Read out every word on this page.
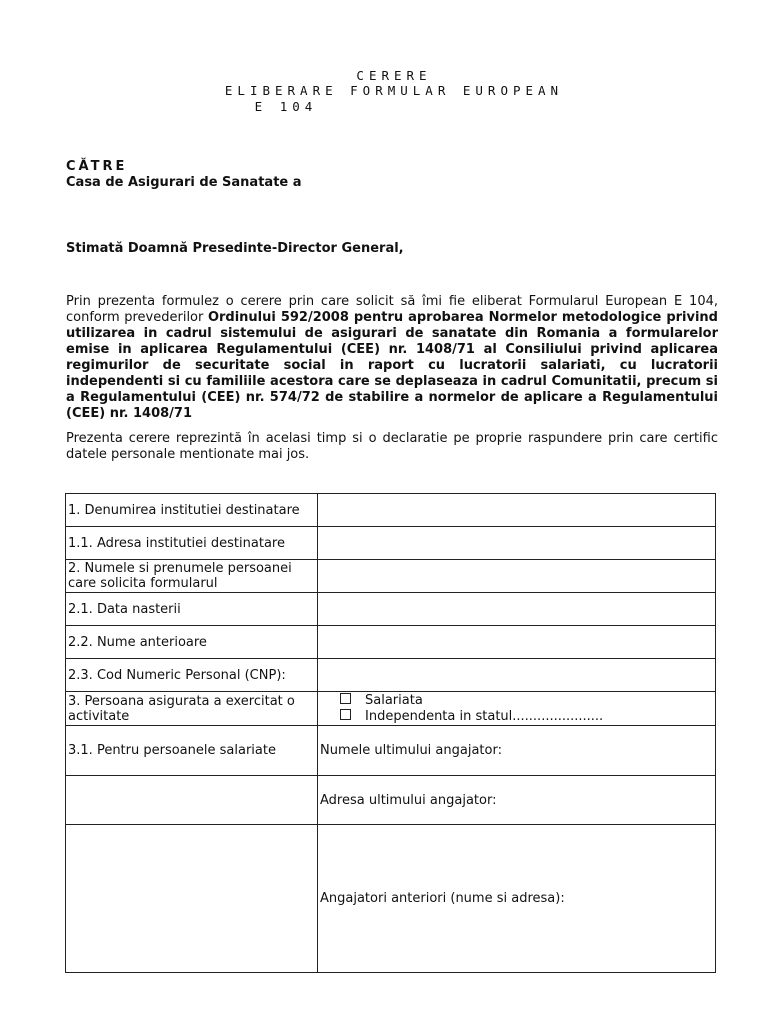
CERERE
ELIBERARE FORMULAR EUROPEAN
E 104
CĂTRE
Casa de Asigurari de Sanatate a
Stimată Doamnă Presedinte-Director General,
Prin prezenta formulez o cerere prin care solicit să îmi fie eliberat Formularul European E 104, conform prevederilor Ordinului 592/2008 pentru aprobarea Normelor metodologice privind utilizarea in cadrul sistemului de asigurari de sanatate din Romania a formularelor emise in aplicarea Regulamentului (CEE) nr. 1408/71 al Consiliului privind aplicarea regimurilor de securitate social in raport cu lucratorii salariati, cu lucratorii independenti si cu familiile acestora care se deplaseaza in cadrul Comunitatii, precum si a Regulamentului (CEE) nr. 574/72 de stabilire a normelor de aplicare a Regulamentului (CEE) nr. 1408/71
Prezenta cerere reprezintă în acelasi timp si o declaratie pe proprie raspundere prin care certific datele personale mentionate mai jos.
1. Denumirea institutiei destinatare	
1.1. Adresa institutiei destinatare	
2. Numele si prenumele persoanei care solicita formularul	
2.1. Data nasterii	
2.2. Nume anterioare	
2.3. Cod Numeric Personal (CNP):	
3. Persoana asigurata a exercitat o activitate	Salariata
Independenta in statul......................

3.1. Pentru persoanele salariate	Numele ultimului angajator:
	Adresa ultimului angajator:
	Angajatori anteriori (nume si adresa):
